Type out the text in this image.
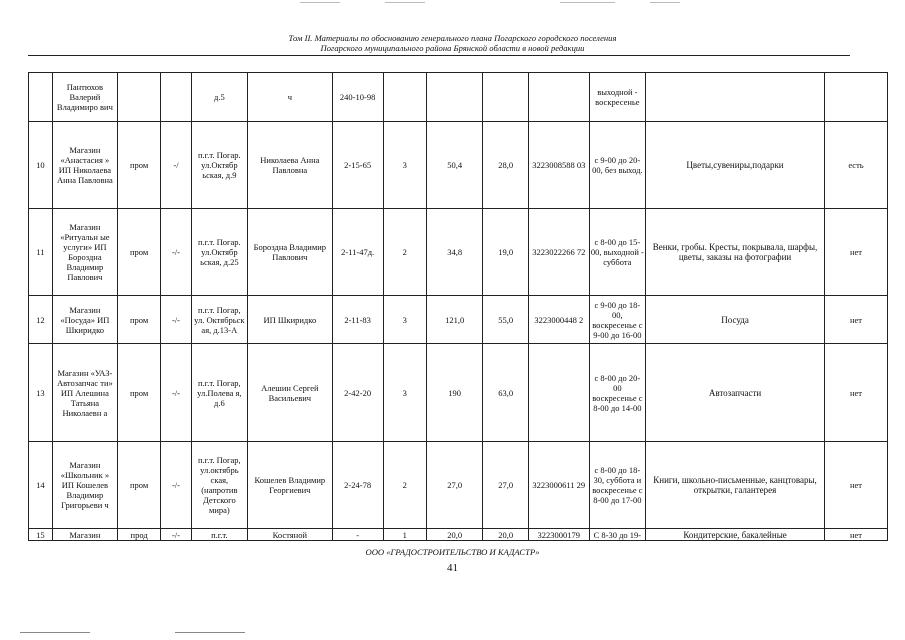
Том II. Материалы по обоснованию генерального плана Погарского городского поселения
Погарского муниципального района Брянской области в новой редакции
	Пантюхов Валерий Владимиро вич			д.5	ч	240-10-98					выходной - воскресенье		
10	Магазин «Анастасия » ИП Николаева Анна Павловна	пром	-/	п.г.т. Погар. ул.Октябр ьская, д.9	Николаева Анна Павловна	2-15-65	3	50,4	28,0	3223008588 03	с 9-00 до 20-00, без выход.	Цветы,сувениры,подарки	есть
11	Магазин «Ритуальн ые услуги» ИП Борозднa Владимир Павлович	пром	-/-	п.г.т. Погар. ул.Октябр ьская, д.25	Бороздна Владимир Павлович	2-11-47д.	2	34,8	19,0	3223022266 72	с 8-00 до 15-00, выходной - суббота	Венки, гробы. Кресты, покрывала, шарфы, цветы, заказы на фотографии	нет
12	Магазин «Посуда» ИП Шкиридко	пром	-/-	п.г.т. Погар, ул. Октябрьск ая, д.13-А	ИП Шкиридко	2-11-83	3	121,0	55,0	3223000448 2	с 9-00 до 18-00, воскресенье с 9-00 до 16-00	Посуда	нет
13	Магазин «УАЗ-Автозапчас ти» ИП Алешина Татьяна Николаевн а	пром	-/-	п.г.т. Погар, ул.Полева я, д.6	Алешин Сергей Васильевич	2-42-20	3	190	63,0		с 8-00 до 20-00 воскресенье с 8-00 до 14-00	Автозапчасти	нет
14	Магазин «Школьник » ИП Кошелев Владимир Григорьеви ч	пром	-/-	п.г.т. Погар, ул.октябрь ская, (напротив Детского мира)	Кошелев Владимир Георгиевич	2-24-78	2	27,0	27,0	3223000611 29	с 8-00 до 18-30, суббота и воскресенье с 8-00 до 17-00	Книги, школьно-письменные, канцтовары, открытки, галантерея	нет
15	Магазин	прод	-/-	п.г.т.	Костяной	-	1	20,0	20,0	3223000179	С 8-30 до 19-	Кондитерские, бакалейные	нет
ООО «ГРАДОСТРОИТЕЛЬСТВО И КАДАСТР»
41
